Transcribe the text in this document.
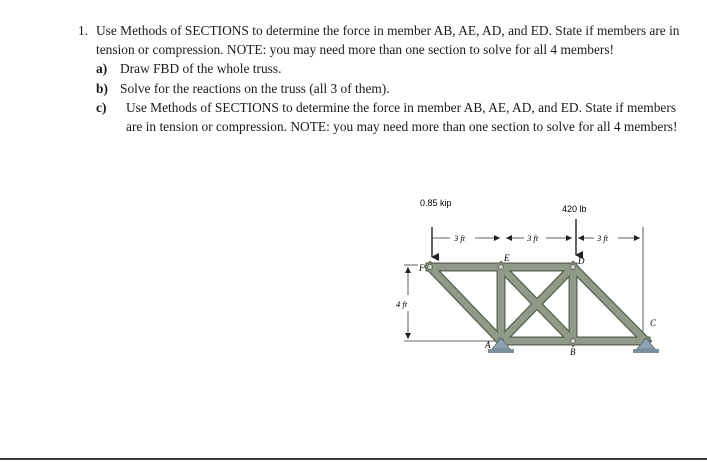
1. Use Methods of SECTIONS to determine the force in member AB, AE, AD, and ED. State if members are in tension or compression. NOTE: you may need more than one section to solve for all 4 members!
a) Draw FBD of the whole truss.
b) Solve for the reactions on the truss (all 3 of them).
c) Use Methods of SECTIONS to determine the force in member AB, AE, AD, and ED. State if members are in tension or compression. NOTE: you may need more than one section to solve for all 4 members!
0.85 kip
420 lb
3 ft	3 ft	3 ft
4 ft
F
E	D
A
B
C
